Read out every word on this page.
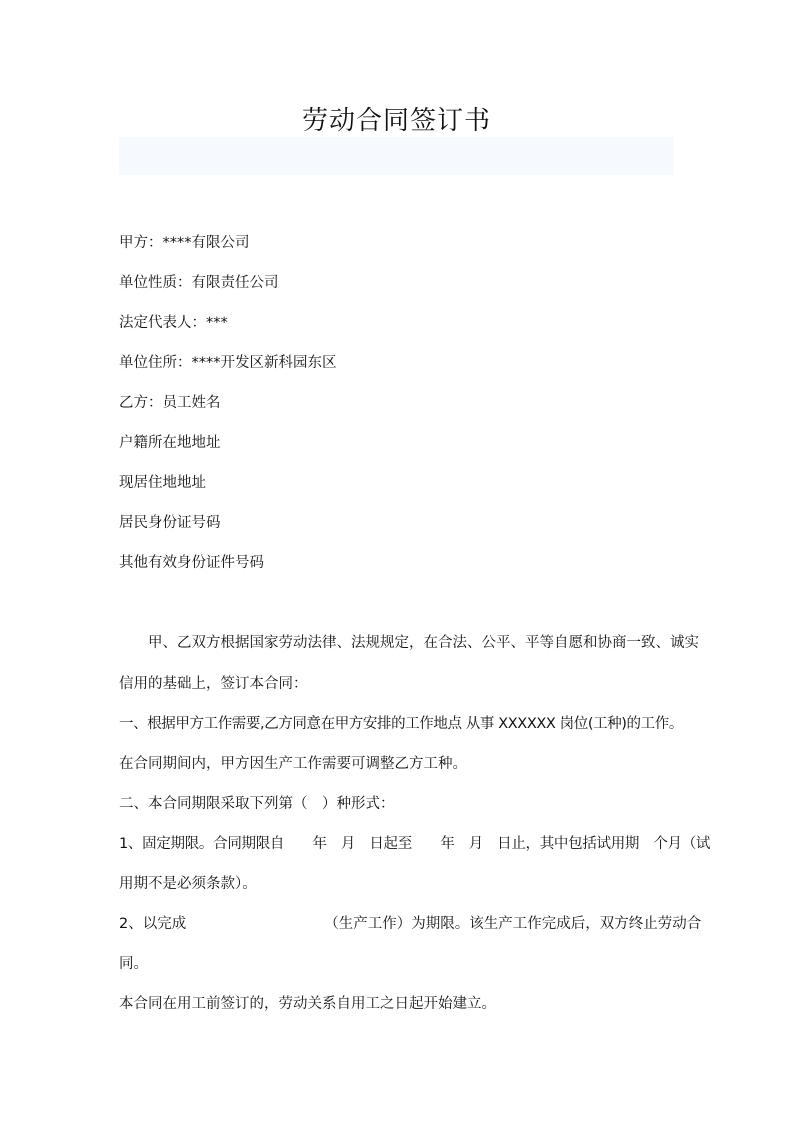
劳动合同签订书
甲方：****有限公司
单位性质：有限责任公司
法定代表人：***
单位住所：****开发区新科园东区
乙方：员工姓名
户籍所在地地址
现居住地地址
居民身份证号码
其他有效身份证件号码
甲、乙双方根据国家劳动法律、法规规定，在合法、公平、平等自愿和协商一致、诚实
信用的基础上，签订本合同：
一、根据甲方工作需要,乙方同意在甲方安排的工作地点 从事 XXXXXX 岗位(工种)的工作。
在合同期间内，甲方因生产工作需要可调整乙方工种。
二、本合同期限采取下列第（　）种形式：
1、固定期限。合同期限自　　年　月　日起至　　年　月　日止，其中包括试用期　个月（试
用期不是必须条款）。
2、以完成	（生产工作）为期限。该生产工作完成后，双方终止劳动合
同。
本合同在用工前签订的，劳动关系自用工之日起开始建立。
